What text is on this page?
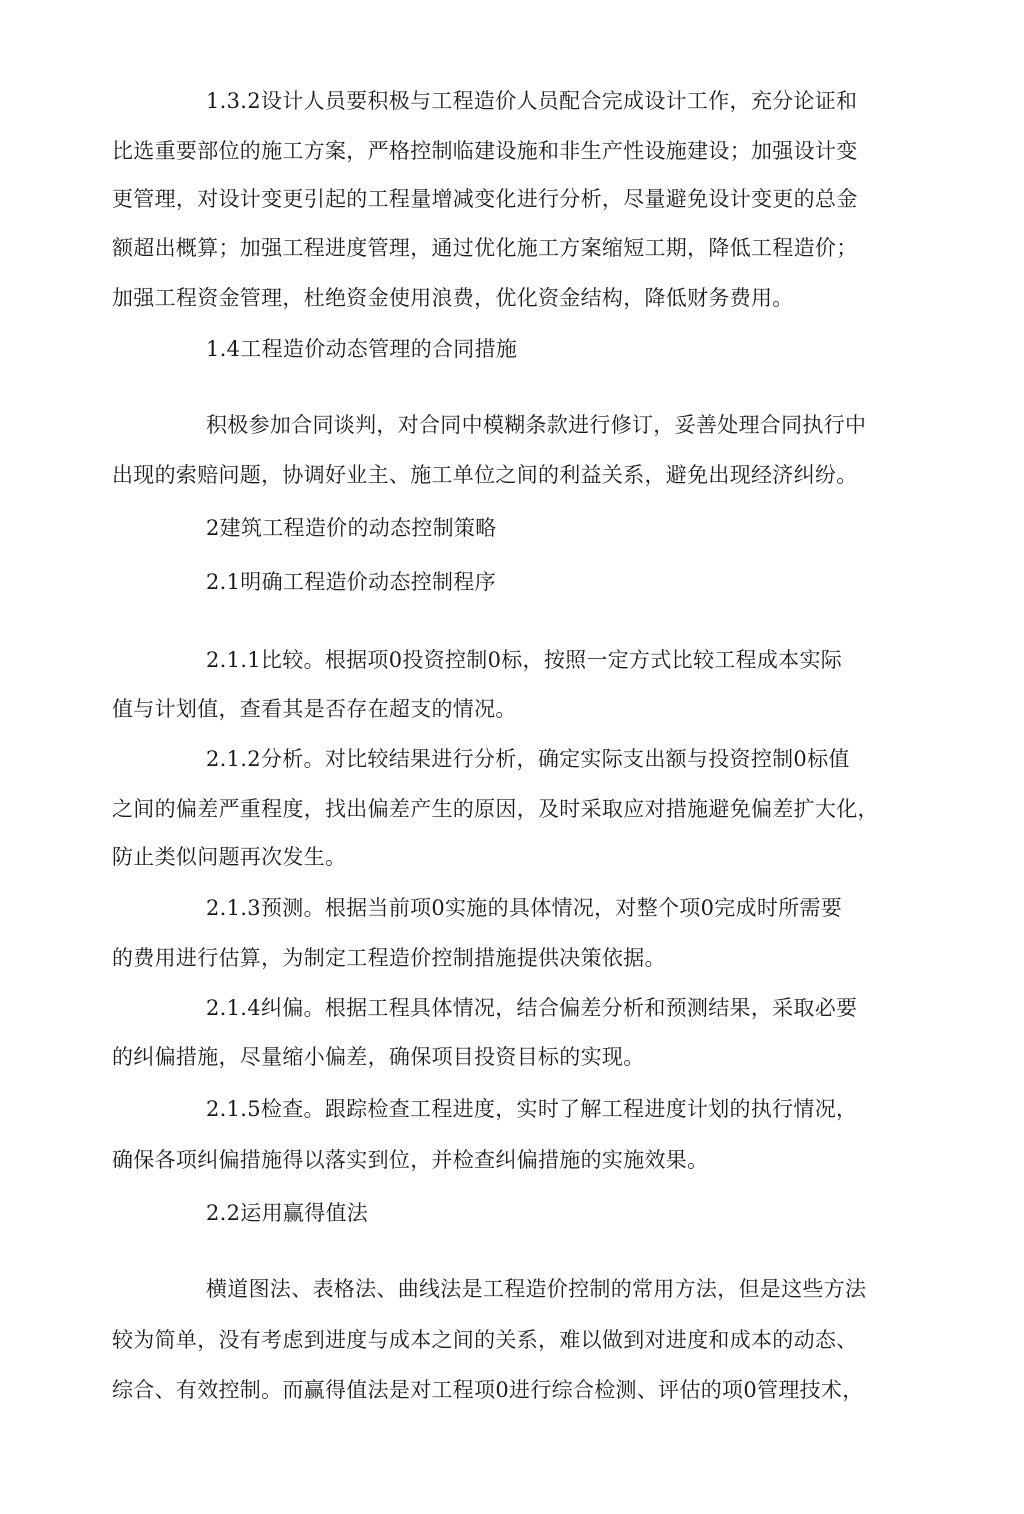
1.3.2设计人员要积极与工程造价人员配合完成设计工作，充分论证和
比选重要部位的施工方案，严格控制临建设施和非生产性设施建设；加强设计变
更管理，对设计变更引起的工程量增减变化进行分析，尽量避免设计变更的总金
额超出概算；加强工程进度管理，通过优化施工方案缩短工期，降低工程造价；
加强工程资金管理，杜绝资金使用浪费，优化资金结构，降低财务费用。
1.4工程造价动态管理的合同措施
积极参加合同谈判，对合同中模糊条款进行修订，妥善处理合同执行中
出现的索赔问题，协调好业主、施工单位之间的利益关系，避免出现经济纠纷。
2建筑工程造价的动态控制策略
2.1明确工程造价动态控制程序
2.1.1比较。根据项0投资控制0标，按照一定方式比较工程成本实际
值与计划值，查看其是否存在超支的情况。
2.1.2分析。对比较结果进行分析，确定实际支出额与投资控制0标值
之间的偏差严重程度，找出偏差产生的原因，及时采取应对措施避免偏差扩大化，
防止类似问题再次发生。
2.1.3预测。根据当前项0实施的具体情况，对整个项0完成时所需要
的费用进行估算，为制定工程造价控制措施提供决策依据。
2.1.4纠偏。根据工程具体情况，结合偏差分析和预测结果，采取必要
的纠偏措施，尽量缩小偏差，确保项目投资目标的实现。
2.1.5检查。跟踪检查工程进度，实时了解工程进度计划的执行情况，
确保各项纠偏措施得以落实到位，并检查纠偏措施的实施效果。
2.2运用赢得值法
横道图法、表格法、曲线法是工程造价控制的常用方法，但是这些方法
较为简单，没有考虑到进度与成本之间的关系，难以做到对进度和成本的动态、
综合、有效控制。而赢得值法是对工程项0进行综合检测、评估的项0管理技术，
